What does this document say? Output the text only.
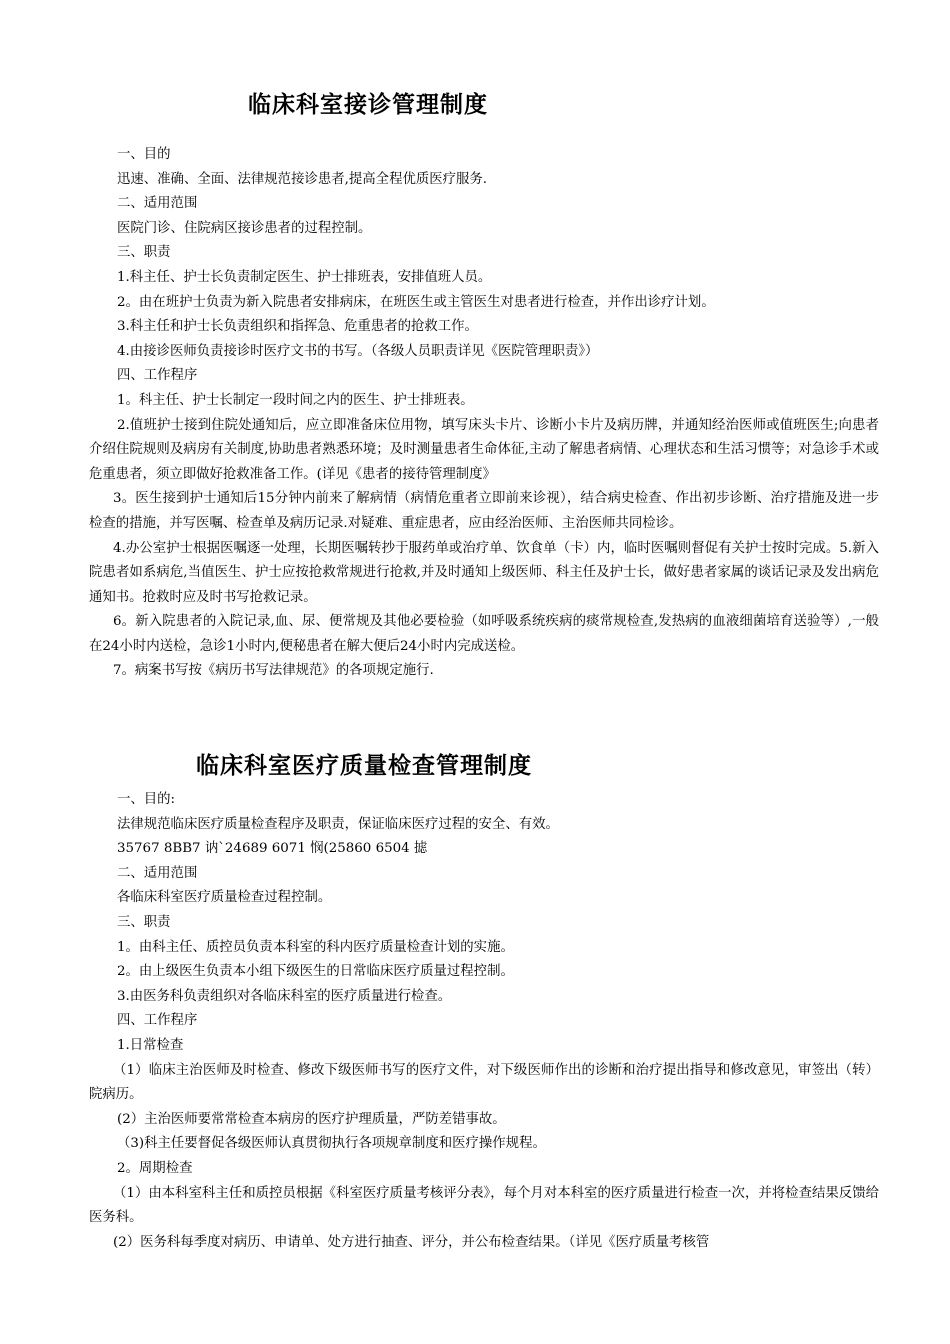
临床科室接诊管理制度

一、目的

迅速、准确、全面、法律规范接诊患者,提高全程优质医疗服务.

二、适用范围

医院门诊、住院病区接诊患者的过程控制。

三、职责

1.科主任、护士长负责制定医生、护士排班表，安排值班人员。

2。由在班护士负责为新入院患者安排病床，在班医生或主管医生对患者进行检查，并作出诊疗计划。

3.科主任和护士长负责组织和指挥急、危重患者的抢救工作。

4.由接诊医师负责接诊时医疗文书的书写。（各级人员职责详见《医院管理职责》）

四、工作程序

1。科主任、护士长制定一段时间之内的医生、护士排班表。

2.值班护士接到住院处通知后，应立即准备床位用物，填写床头卡片、诊断小卡片及病历牌，并通知经治医师或值班医生;向患者介绍住院规则及病房有关制度,协助患者熟悉环境；及时测量患者生命体征,主动了解患者病情、心理状态和生活习惯等；对急诊手术或危重患者，须立即做好抢救准备工作。(详见《患者的接待管理制度》

3。医生接到护士通知后15分钟内前来了解病情（病情危重者立即前来诊视），结合病史检查、作出初步诊断、治疗措施及进一步检查的措施，并写医嘱、检查单及病历记录.对疑难、重症患者，应由经治医师、主治医师共同检诊。

4.办公室护士根据医嘱逐一处理，长期医嘱转抄于服药单或治疗单、饮食单（卡）内，临时医嘱则督促有关护士按时完成。5.新入院患者如系病危,当值医生、护士应按抢救常规进行抢救,并及时通知上级医师、科主任及护士长，做好患者家属的谈话记录及发出病危通知书。抢救时应及时书写抢救记录。

6。新入院患者的入院记录,血、尿、便常规及其他必要检验（如呼吸系统疾病的痰常规检查,发热病的血液细菌培育送验等）,一般在24小时内送检，急诊1小时内,便秘患者在解大便后24小时内完成送检。

7。病案书写按《病历书写法律规范》的各项规定施行.

临床科室医疗质量检查管理制度

一、目的:

法律规范临床医疗质量检查程序及职责，保证临床医疗过程的安全、有效。

35767 8BB7 讷`24689 6071 悯(25860 6504 摅

二、适用范围

各临床科室医疗质量检查过程控制。

三、职责

1。由科主任、质控员负责本科室的科内医疗质量检查计划的实施。

2。由上级医生负责本小组下级医生的日常临床医疗质量过程控制。

3.由医务科负责组织对各临床科室的医疗质量进行检查。

四、工作程序

1.日常检查

（1）临床主治医师及时检查、修改下级医师书写的医疗文件，对下级医师作出的诊断和治疗提出指导和修改意见，审签出（转）院病历。

(2）主治医师要常常检查本病房的医疗护理质量，严防差错事故。

（3)科主任要督促各级医师认真贯彻执行各项规章制度和医疗操作规程。

2。周期检查

（1）由本科室科主任和质控员根据《科室医疗质量考核评分表》，每个月对本科室的医疗质量进行检查一次，并将检查结果反馈给医务科。

(2）医务科每季度对病历、申请单、处方进行抽查、评分，并公布检查结果。（详见《医疗质量考核管
